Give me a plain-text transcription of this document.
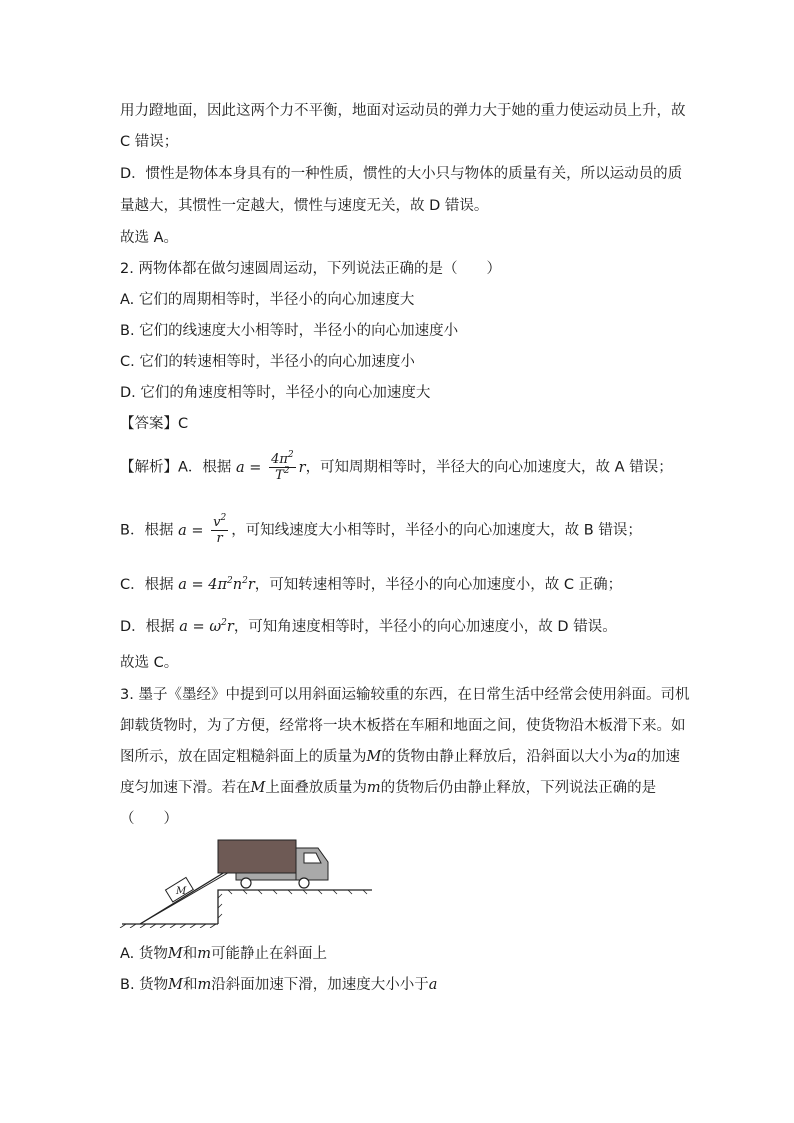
用力蹬地面，因此这两个力不平衡，地面对运动员的弹力大于她的重力使运动员上升，故
C 错误；
D．惯性是物体本身具有的一种性质，惯性的大小只与物体的质量有关，所以运动员的质
量越大，其惯性一定越大，惯性与速度无关，故 D 错误。
故选 A。
2. 两物体都在做匀速圆周运动，下列说法正确的是（　　）
A. 它们的周期相等时，半径小的向心加速度大
B. 它们的线速度大小相等时，半径小的向心加速度小
C. 它们的转速相等时，半径小的向心加速度小
D. 它们的角速度相等时，半径小的向心加速度大
【答案】C
【解析】A．根据 $a = \frac{4\pi^2}{T^2}$ r，可知周期相等时，半径大的向心加速度大，故 A 错误；
B．根据 $a = \frac{v^2}{r}$ ，可知线速度大小相等时，半径小的向心加速度大，故 B 错误；
C．根据 $a = 4\pi^2n^2r$，可知转速相等时，半径小的向心加速度小，故 C 正确；
D．根据 $a = \omega^2r$，可知角速度相等时，半径小的向心加速度小，故 D 错误。
故选 C。
3. 墨子《墨经》中提到可以用斜面运输较重的东西，在日常生活中经常会使用斜面。司机
卸载货物时，为了方便，经常将一块木板搭在车厢和地面之间，使货物沿木板滑下来。如
图所示，放在固定粗糙斜面上的质量为M的货物由静止释放后，沿斜面以大小为a的加速
度匀加速下滑。若在M上面叠放质量为m的货物后仍由静止释放，下列说法正确的是
（　　）
M
A. 货物M和m可能静止在斜面上
B. 货物M和m沿斜面加速下滑，加速度大小小于a
